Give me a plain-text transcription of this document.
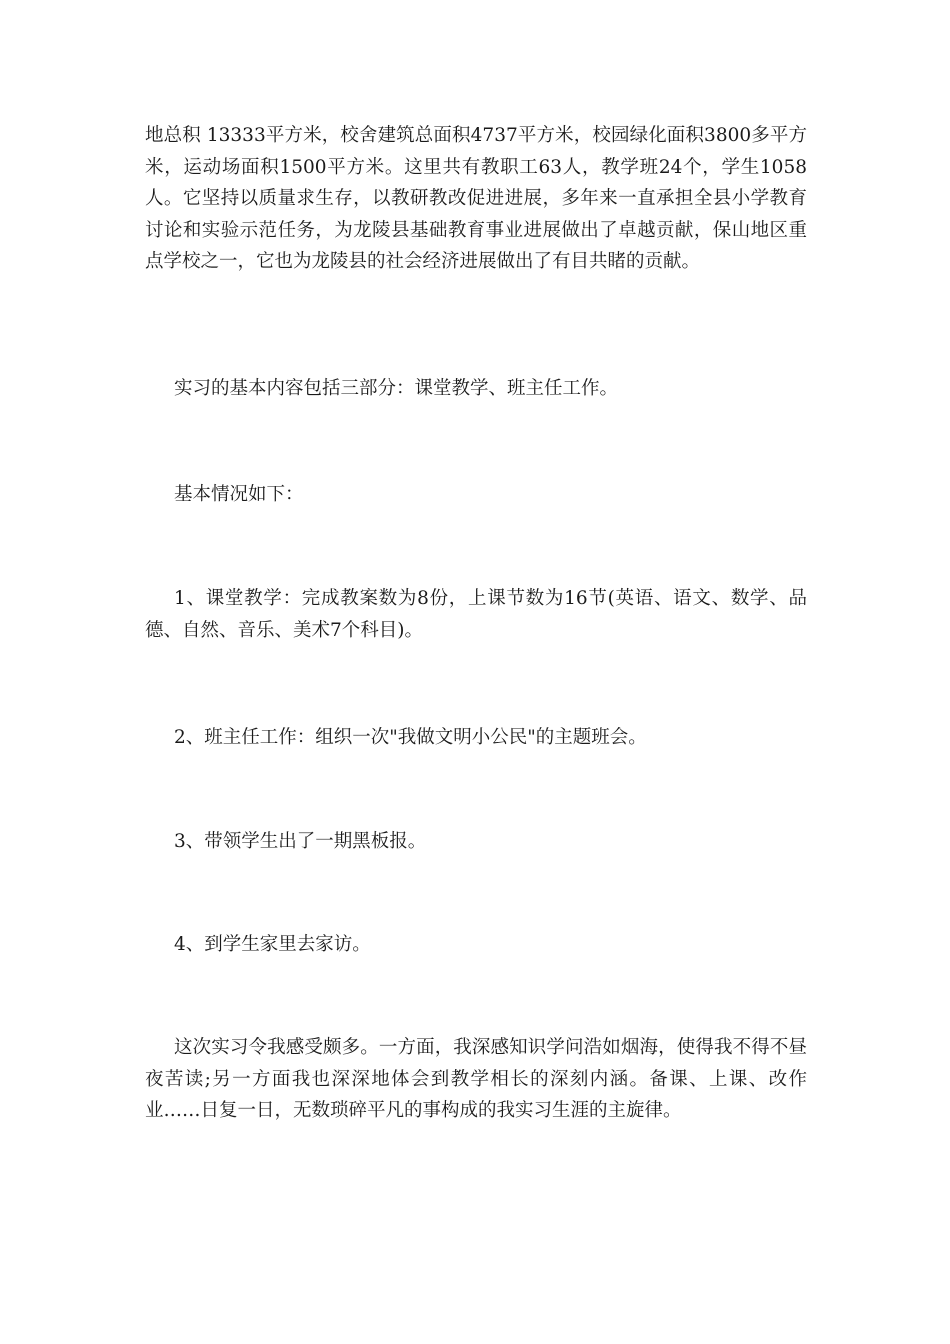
地总积 13333平方米，校舍建筑总面积4737平方米，校园绿化面积3800多平方米，运动场面积1500平方米。这里共有教职工63人，教学班24个，学生1058人。它坚持以质量求生存，以教研教改促进进展，多年来一直承担全县小学教育讨论和实验示范任务，为龙陵县基础教育事业进展做出了卓越贡献，保山地区重点学校之一，它也为龙陵县的社会经济进展做出了有目共睹的贡献。

实习的基本内容包括三部分：课堂教学、班主任工作。

基本情况如下：

1、课堂教学：完成教案数为8份，上课节数为16节(英语、语文、数学、品德、自然、音乐、美术7个科目)。

2、班主任工作：组织一次"我做文明小公民"的主题班会。

3、带领学生出了一期黑板报。

4、到学生家里去家访。

这次实习令我感受颇多。一方面，我深感知识学问浩如烟海，使得我不得不昼夜苦读;另一方面我也深深地体会到教学相长的深刻内涵。备课、上课、改作业……日复一日，无数琐碎平凡的事构成的我实习生涯的主旋律。
